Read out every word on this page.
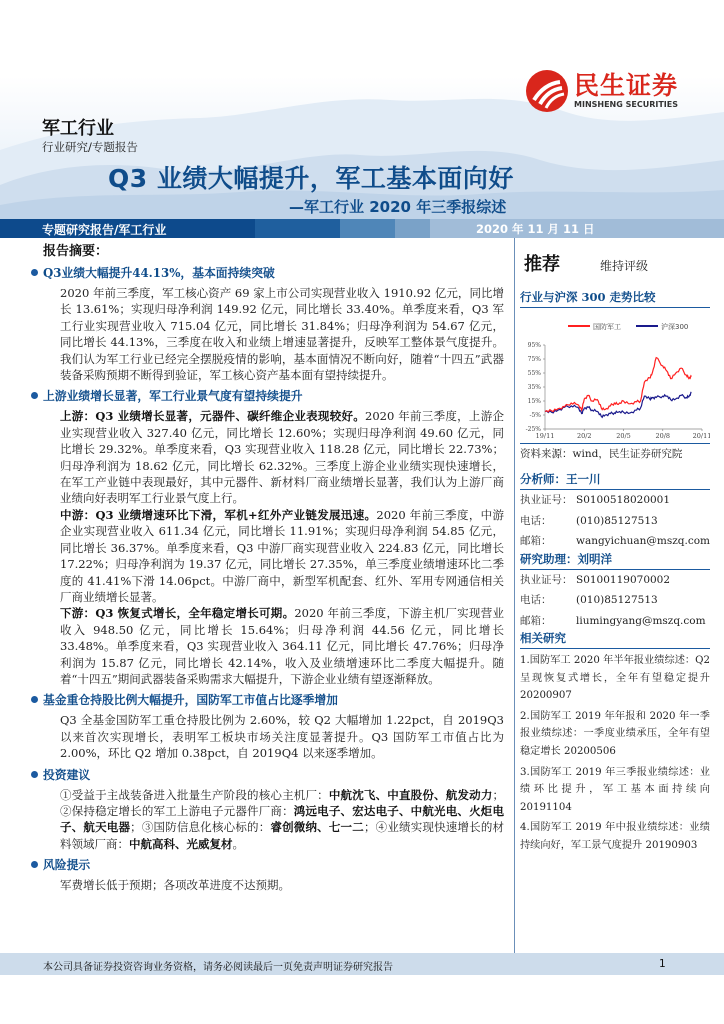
民生证券
MINSHENG SECURITIES
军工行业
行业研究/专题报告
Q3 业绩大幅提升，军工基本面向好
—军工行业 2020 年三季报综述
专题研究报告/军工行业	2020 年 11 月 11 日
报告摘要：
Q3业绩大幅提升44.13%，基本面持续突破
2020 年前三季度，军工核心资产 69 家上市公司实现营业收入 1910.92 亿元，同比增长 13.61%；实现归母净利润 149.92 亿元，同比增长 33.40%。单季度来看，Q3 军工行业实现营业收入 715.04 亿元，同比增长 31.84%；归母净利润为 54.67 亿元，同比增长 44.13%，三季度在收入和业绩上增速显著提升，反映军工整体景气度提升。我们认为军工行业已经完全摆脱疫情的影响，基本面情况不断向好，随着“十四五”武器装备采购预期不断得到验证，军工核心资产基本面有望持续提升。
上游业绩增长显著，军工行业景气度有望持续提升
上游：Q3 业绩增长显著，元器件、碳纤维企业表现较好。2020 年前三季度，上游企业实现营业收入 327.40 亿元，同比增长 12.60%；实现归母净利润 49.60 亿元，同比增长 29.32%。单季度来看，Q3 实现营业收入 118.28 亿元，同比增长 22.73%；归母净利润为 18.62 亿元，同比增长 62.32%。三季度上游企业业绩实现快速增长，在军工产业链中表现最好，其中元器件、新材料厂商业绩增长显著，我们认为上游厂商业绩向好表明军工行业景气度上行。
中游：Q3 业绩增速环比下滑，军机+红外产业链发展迅速。2020 年前三季度，中游企业实现营业收入 611.34 亿元，同比增长 11.91%；实现归母净利润 54.85 亿元，同比增长 36.37%。单季度来看，Q3 中游厂商实现营业收入 224.83 亿元，同比增长 17.22%；归母净利润为 19.37 亿元，同比增长 27.35%，单三季度业绩增速环比二季度的 41.41%下滑 14.06pct。中游厂商中，新型军机配套、红外、军用专网通信相关厂商业绩增长显著。
下游：Q3 恢复式增长，全年稳定增长可期。2020 年前三季度，下游主机厂实现营业收入 948.50 亿元，同比增长 15.64%；归母净利润 44.56 亿元，同比增长 33.48%。单季度来看，Q3 实现营业收入 364.11 亿元，同比增长 47.76%；归母净利润为 15.87 亿元，同比增长 42.14%，收入及业绩增速环比二季度大幅提升。随着“十四五”期间武器装备采购需求大幅提升，下游企业业绩有望逐渐释放。
基金重仓持股比例大幅提升，国防军工市值占比逐季增加
Q3 全基金国防军工重仓持股比例为 2.60%，较 Q2 大幅增加 1.22pct，自 2019Q3 以来首次实现增长，表明军工板块市场关注度显著提升。Q3 国防军工市值占比为 2.00%，环比 Q2 增加 0.38pct，自 2019Q4 以来逐季增加。
投资建议
①受益于主战装备进入批量生产阶段的核心主机厂：中航沈飞、中直股份、航发动力；②保持稳定增长的军工上游电子元器件厂商：鸿远电子、宏达电子、中航光电、火炬电子、航天电器；③国防信息化核心标的：睿创微纳、七一二；④业绩实现快速增长的材料领域厂商：中航高科、光威复材。
风险提示
军费增长低于预期；各项改革进度不达预期。
推荐	维持评级
行业与沪深 300 走势比较
国防军工	沪深300
95%
75%
55%
35%
15%
-5%
-25%
19/11	20/2	20/5	20/8	20/11
资料来源：wind，民生证券研究院
分析师：王一川
执业证号： S0100518020001
电话：	(010)85127513
邮箱：	wangyichuan@mszq.com
研究助理：刘明洋
执业证号： S0100119070002
电话：	(010)85127513
邮箱：	liumingyang@mszq.com
相关研究
1.国防军工 2020 年半年报业绩综述：Q2 呈现恢复式增长，全年有望稳定提升 20200907
2.国防军工 2019 年年报和 2020 年一季报业绩综述：一季度业绩承压，全年有望稳定增长 20200506
3.国防军工 2019 年三季报业绩综述：业绩环比提升，军工基本面持续向 20191104
4.国防军工 2019 年中报业绩综述：业绩持续向好，军工景气度提升 20190903
本公司具备证券投资咨询业务资格，请务必阅读最后一页免责声明证券研究报告	1
